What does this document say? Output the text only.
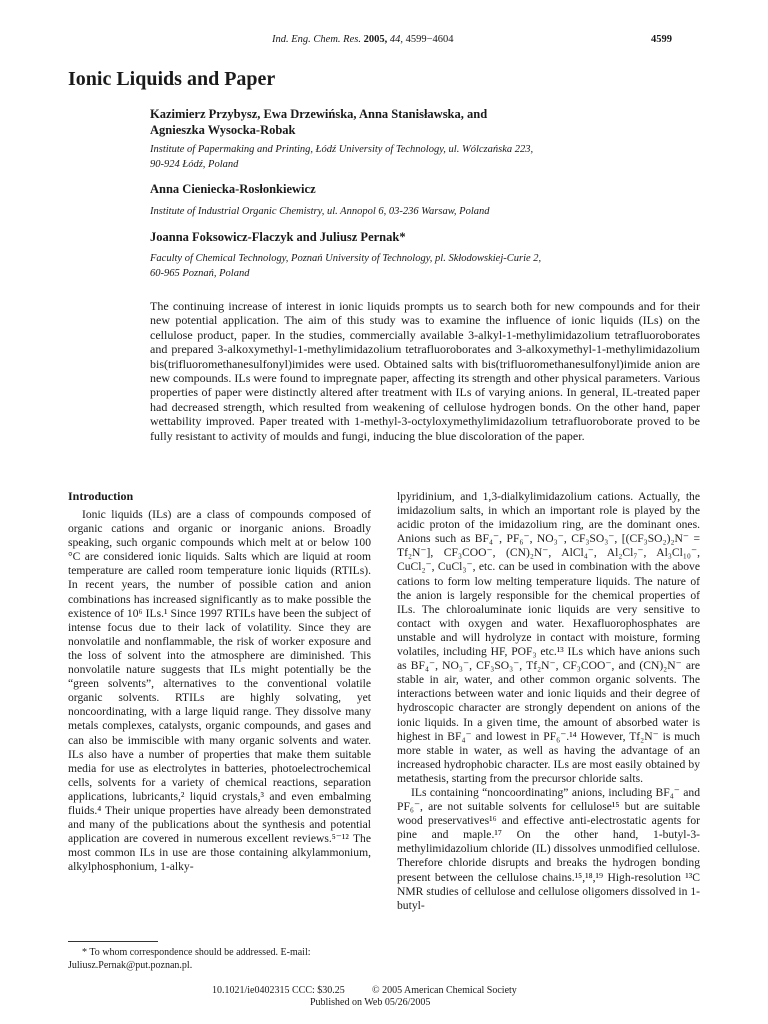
Ind. Eng. Chem. Res. 2005, 44, 4599−4604	4599
Ionic Liquids and Paper
Kazimierz Przybysz, Ewa Drzewińska, Anna Stanisławska, and
Agnieszka Wysocka-Robak
Institute of Papermaking and Printing, Łódź University of Technology, ul. Wólczańska 223,
90-924 Łódź, Poland
Anna Cieniecka-Rosłonkiewicz
Institute of Industrial Organic Chemistry, ul. Annopol 6, 03-236 Warsaw, Poland
Joanna Foksowicz-Flaczyk and Juliusz Pernak*
Faculty of Chemical Technology, Poznań University of Technology, pl. Skłodowskiej-Curie 2,
60-965 Poznań, Poland

The continuing increase of interest in ionic liquids prompts us to search both for new compounds and for their new potential application. The aim of this study was to examine the influence of ionic liquids (ILs) on the cellulose product, paper. In the studies, commercially available 3-alkyl-1-methylimidazolium tetrafluoroborates and prepared 3-alkoxymethyl-1-methylimidazolium tetrafluoroborates and 3-alkoxymethyl-1-methylimidazolium bis(trifluoromethanesulfonyl)imides were used. Obtained salts with bis(trifluoromethanesulfonyl)imide anion are new compounds. ILs were found to impregnate paper, affecting its strength and other physical parameters. Various properties of paper were distinctly altered after treatment with ILs of varying anions. In general, IL-treated paper had decreased strength, which resulted from weakening of cellulose hydrogen bonds. On the other hand, paper wettability improved. Paper treated with 1-methyl-3-octyloxymethylimidazolium tetrafluoroborate proved to be fully resistant to activity of moulds and fungi, inducing the blue discoloration of the paper.

Introduction

Ionic liquids (ILs) are a class of compounds composed of organic cations and organic or inorganic anions. Broadly speaking, such organic compounds which melt at or below 100 °C are considered ionic liquids. Salts which are liquid at room temperature are called room temperature ionic liquids (RTILs). In recent years, the number of possible cation and anion combinations has increased significantly as to make possible the existence of 10⁶ ILs.¹ Since 1997 RTILs have been the subject of intense focus due to their lack of volatility. Since they are nonvolatile and nonflammable, the risk of worker exposure and the loss of solvent into the atmosphere are diminished. This nonvolatile nature suggests that ILs might potentially be the “green solvents”, alternatives to the conventional volatile organic solvents. RTILs are highly solvating, yet noncoordinating, with a large liquid range. They dissolve many metals complexes, catalysts, organic compounds, and gases and can also be immiscible with many organic solvents and water. ILs also have a number of properties that make them suitable media for use as electrolytes in batteries, photoelectrochemical cells, solvents for a variety of chemical reactions, separation applications, lubricants,² liquid crystals,³ and even embalming fluids.⁴ Their unique properties have already been demonstrated and many of the publications about the synthesis and potential application are covered in numerous excellent reviews.⁵⁻¹² The most common ILs in use are those containing alkylammonium, alkylphosphonium, 1-alky-

lpyridinium, and 1,3-dialkylimidazolium cations. Actually, the imidazolium salts, in which an important role is played by the acidic proton of the imidazolium ring, are the dominant ones. Anions such as BF₄⁻, PF₆⁻, NO₃⁻, CF₃SO₃⁻, [(CF₃SO₂)₂N⁻ = Tf₂N⁻], CF₃COO⁻, (CN)₂N⁻, AlCl₄⁻, Al₂Cl₇⁻, Al₃Cl₁₀⁻, CuCl₂⁻, CuCl₃⁻, etc. can be used in combination with the above cations to form low melting temperature liquids. The nature of the anion is largely responsible for the chemical properties of ILs. The chloroaluminate ionic liquids are very sensitive to contact with oxygen and water. Hexafluorophosphates are unstable and will hydrolyze in contact with moisture, forming volatiles, including HF, POF₃ etc.¹³ ILs which have anions such as BF₄⁻, NO₃⁻, CF₃SO₃⁻, Tf₂N⁻, CF₃COO⁻, and (CN)₂N⁻ are stable in air, water, and other common organic solvents. The interactions between water and ionic liquids and their degree of hydroscopic character are strongly dependent on anions of the ionic liquids. In a given time, the amount of absorbed water is highest in BF₄⁻ and lowest in PF₆⁻.¹⁴ However, Tf₂N⁻ is much more stable in water, as well as having the advantage of an increased hydrophobic character. ILs are most easily obtained by metathesis, starting from the precursor chloride salts.

ILs containing “noncoordinating” anions, including BF₄⁻ and PF₆⁻, are not suitable solvents for cellulose¹⁵ but are suitable wood preservatives¹⁶ and effective anti-electrostatic agents for pine and maple.¹⁷ On the other hand, 1-butyl-3-methylimidazolium chloride (IL) dissolves unmodified cellulose. Therefore chloride disrupts and breaks the hydrogen bonding present between the cellulose chains.¹⁵,¹⁸,¹⁹ High-resolution ¹³C NMR studies of cellulose and cellulose oligomers dissolved in 1-butyl-

* To whom correspondence should be addressed. E-mail:
Juliusz.Pernak@put.poznan.pl.
10.1021/ie0402315 CCC: $30.25	© 2005 American Chemical Society
Published on Web 05/26/2005
